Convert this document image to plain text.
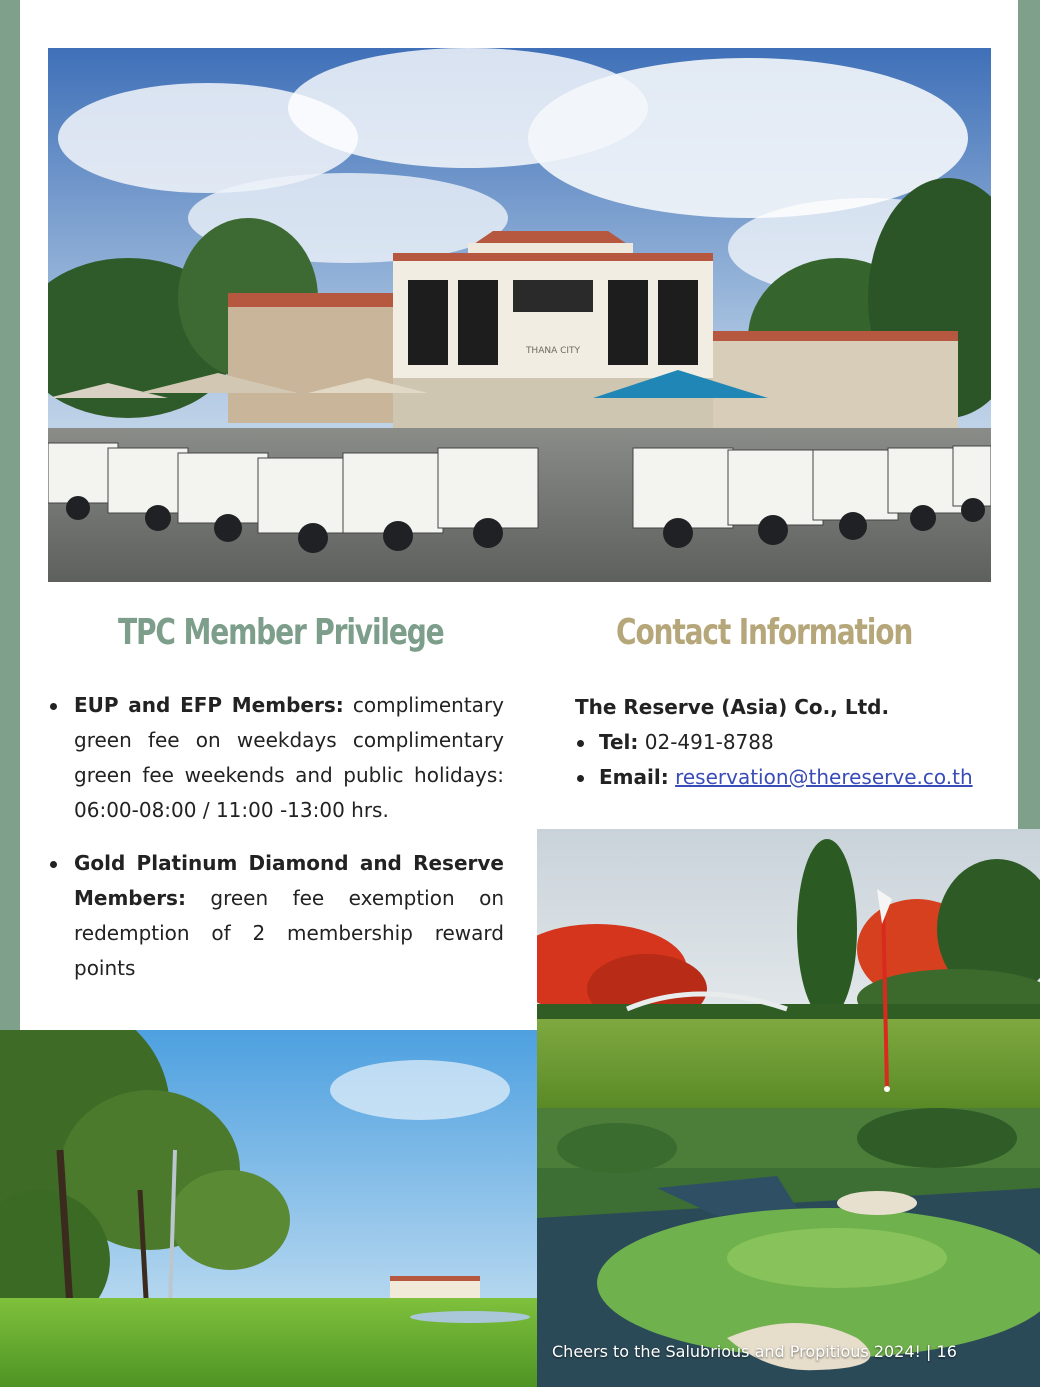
THANA CITY
TPC Member Privilege	Contact Information
EUP and EFP Members: complimentary green fee on weekdays complimentary green fee weekends and public holidays: 06:00-08:00 / 11:00 -13:00 hrs.
Gold Platinum Diamond and Reserve Members: green fee exemption on redemption of 2 membership reward points
The Reserve (Asia) Co., Ltd.
Tel: 02-491-8788
Email: reservation@thereserve.co.th
Cheers to the Salubrious and Propitious 2024! | 16
